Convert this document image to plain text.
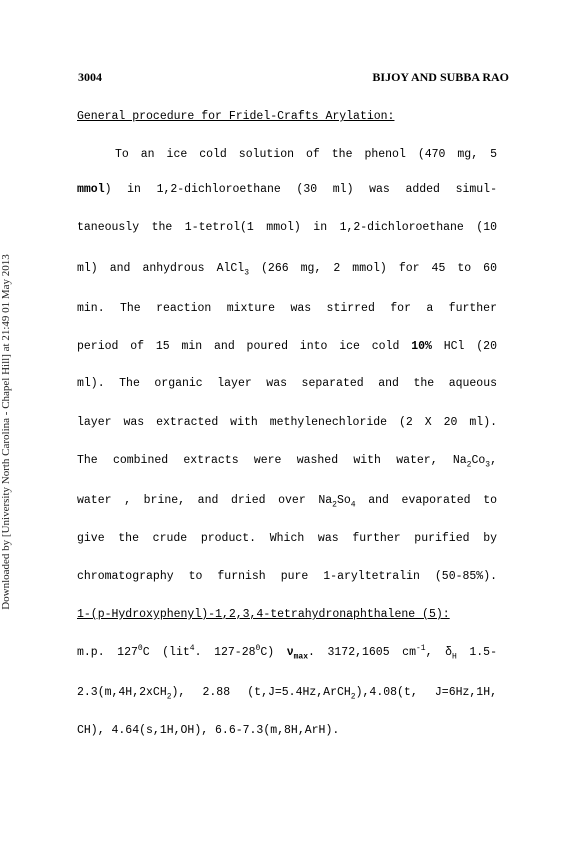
3004	BIJOY AND SUBBA RAO
Downloaded by [University North Carolina - Chapel Hill] at 21:49 01 May 2013
General procedure for Fridel-Crafts Arylation:
To an ice cold solution of the phenol (470 mg, 5
mmol) in 1,2-dichloroethane (30 ml) was added simul-
taneously the 1-tetrol(1 mmol) in 1,2-dichloroethane (10
ml) and anhydrous AlCl$_3$ (266 mg, 2 mmol) for 45 to 60
min. The reaction mixture was stirred for a further
period of 15 min and poured into ice cold 10% HCl (20
ml). The organic layer was separated and the aqueous
layer was extracted with methylenechloride (2 X 20 ml).
The combined extracts were washed with water, $Na_2Co_3$,
water , brine, and dried over $Na_2So_4$ and evaporated to
give the crude product. Which was further purified by
chromatography to furnish pure 1-aryltetralin (50-85%).
1-(p-Hydroxyphenyl)-1,2,3,4-tetrahydronaphthalene (5):
m.p. $127^0C$ (lit$^4$. $127-28^0C$) $\nu_{max}$. 3172,1605 $cm^{-1}$, $\delta_H$ 1.5-
2.3(m,4H,2xCH$_2$), 2.88 (t,J=5.4Hz,ArCH$_2$),4.08(t, J=6Hz,1H,
CH), 4.64(s,1H,OH), 6.6-7.3(m,8H,ArH).
